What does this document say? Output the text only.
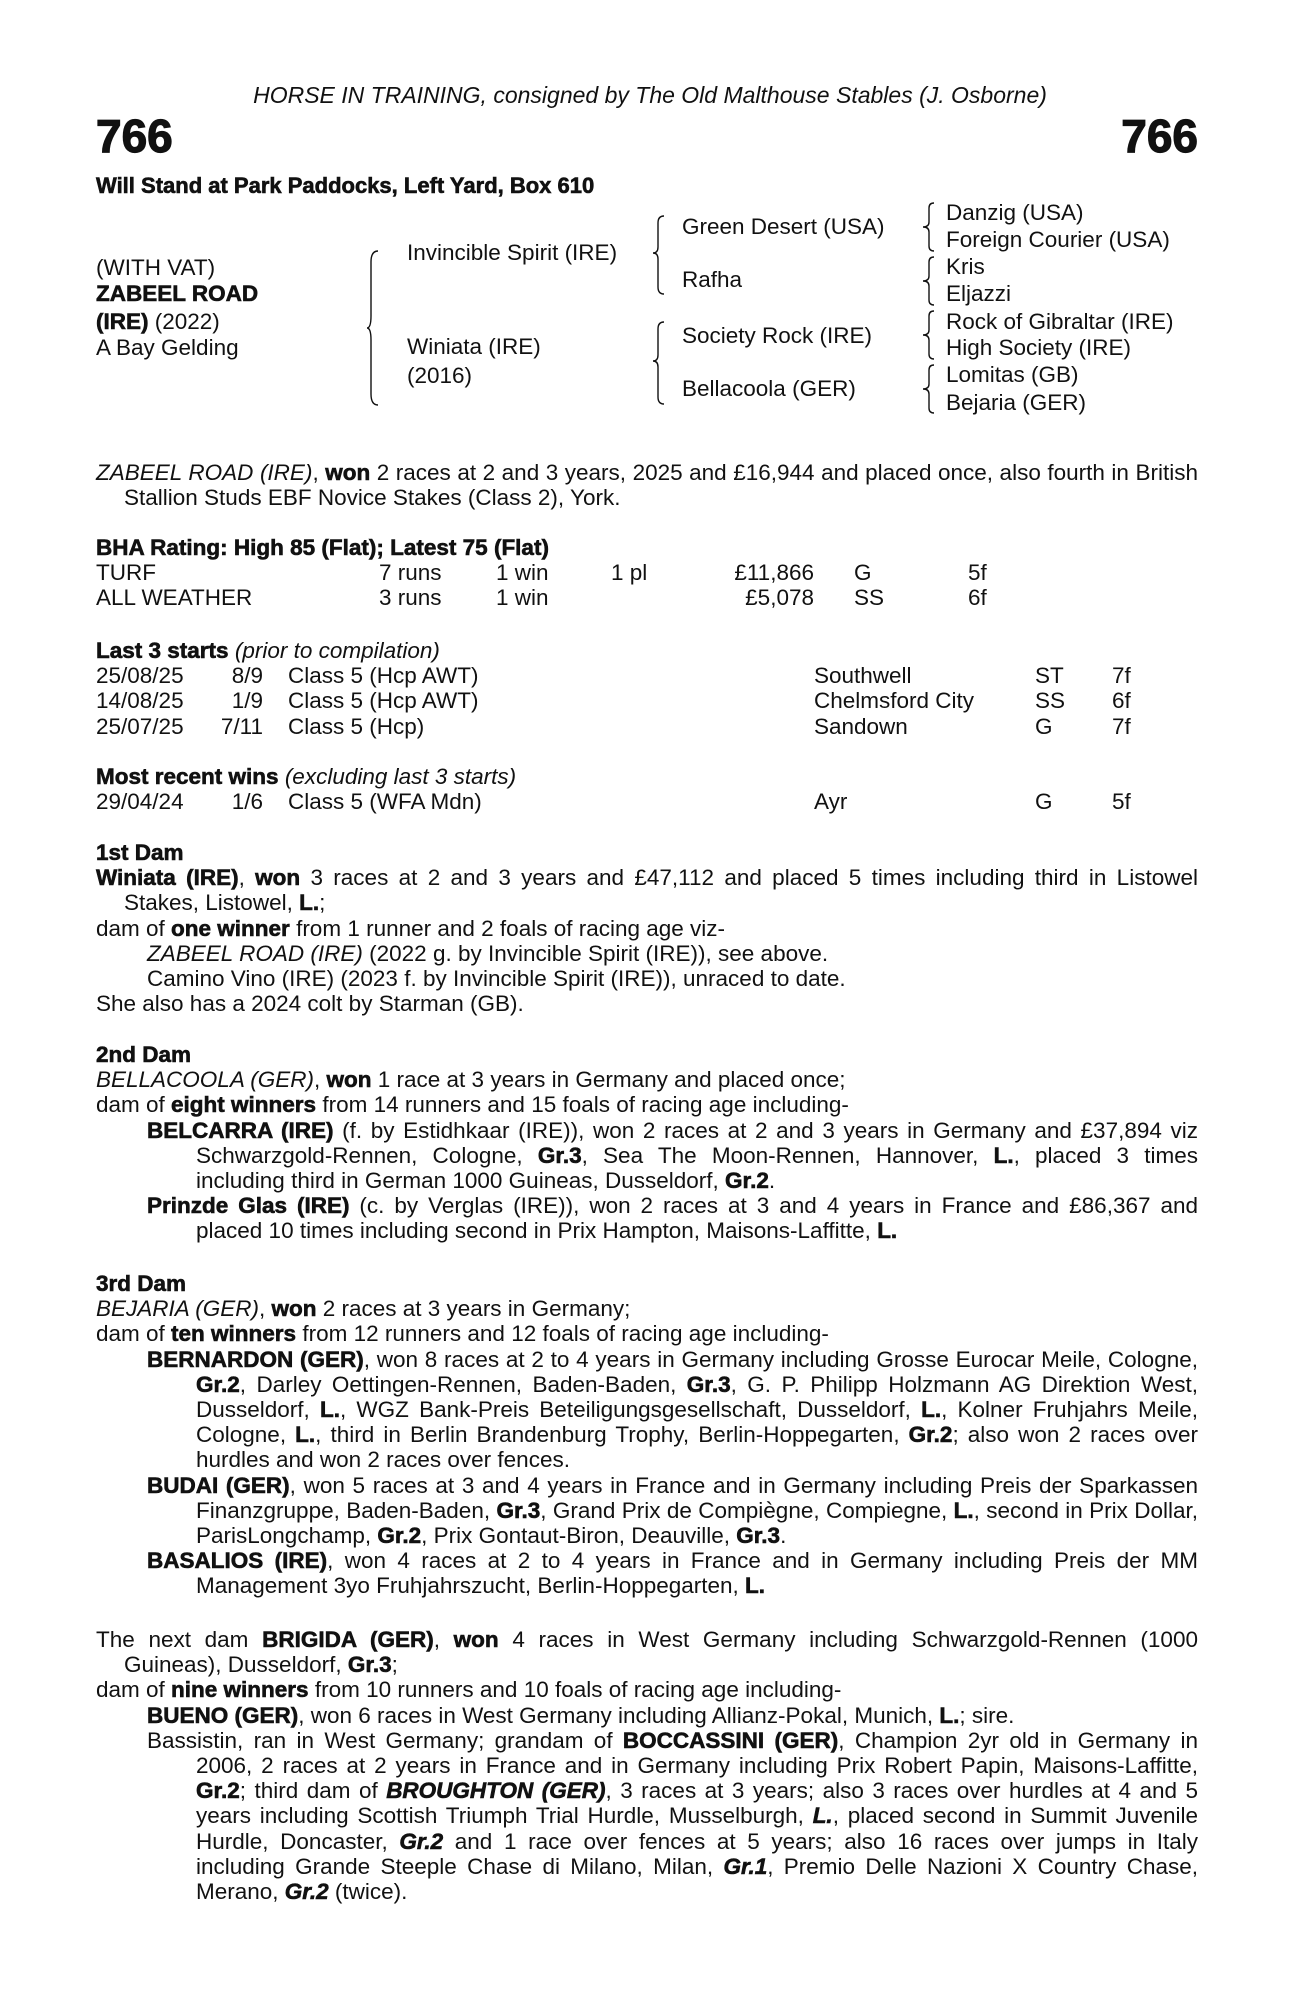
HORSE IN TRAINING, consigned by The Old Malthouse Stables (J. Osborne)
766	766
Will Stand at Park Paddocks, Left Yard, Box 610
(WITH VAT)
ZABEEL ROAD
(IRE) (2022)
A Bay Gelding
Invincible Spirit (IRE)
Winiata (IRE)
(2016)
Green Desert (USA)
Rafha
Society Rock (IRE)
Bellacoola (GER)
Danzig (USA)
Foreign Courier (USA)
Kris
Eljazzi
Rock of Gibraltar (IRE)
High Society (IRE)
Lomitas (GB)
Bejaria (GER)

ZABEEL ROAD (IRE), won 2 races at 2 and 3 years, 2025 and £16,944 and placed once, also fourth in British Stallion Studs EBF Novice Stakes (Class 2), York.

BHA Rating: High 85 (Flat); Latest 75 (Flat)
TURF	7 runs 1 win	1 pl	£11,866 G	5f
ALL WEATHER	3 runs 1 win	£5,078 SS	6f
Last 3 starts (prior to compilation)
25/08/25 8/9 Class 5 (Hcp AWT)	Southwell	ST 7f
14/08/25 1/9 Class 5 (Hcp AWT)	Chelmsford City	SS 6f
25/07/25 7/11 Class 5 (Hcp)	Sandown	G	7f
Most recent wins (excluding last 3 starts)
29/04/24 1/6 Class 5 (WFA Mdn)	Ayr	G	5f
1st Dam

Winiata (IRE), won 3 races at 2 and 3 years and £47,112 and placed 5 times including third in Listowel Stakes, Listowel, L.;

dam of one winner from 1 runner and 2 foals of racing age viz-

ZABEEL ROAD (IRE) (2022 g. by Invincible Spirit (IRE)), see above.

Camino Vino (IRE) (2023 f. by Invincible Spirit (IRE)), unraced to date.

She also has a 2024 colt by Starman (GB).

2nd Dam

BELLACOOLA (GER), won 1 race at 3 years in Germany and placed once;

dam of eight winners from 14 runners and 15 foals of racing age including-

BELCARRA (IRE) (f. by Estidhkaar (IRE)), won 2 races at 2 and 3 years in Germany and £37,894 viz Schwarzgold-Rennen, Cologne, Gr.3, Sea The Moon-Rennen, Hannover, L., placed 3 times including third in German 1000 Guineas, Dusseldorf, Gr.2.

Prinzde Glas (IRE) (c. by Verglas (IRE)), won 2 races at 3 and 4 years in France and £86,367 and placed 10 times including second in Prix Hampton, Maisons-Laffitte, L.

3rd Dam

BEJARIA (GER), won 2 races at 3 years in Germany;

dam of ten winners from 12 runners and 12 foals of racing age including-

BERNARDON (GER), won 8 races at 2 to 4 years in Germany including Grosse Eurocar Meile, Cologne, Gr.2, Darley Oettingen-Rennen, Baden-Baden, Gr.3, G. P. Philipp Holzmann AG Direktion West, Dusseldorf, L., WGZ Bank-Preis Beteiligungsgesellschaft, Dusseldorf, L., Kolner Fruhjahrs Meile, Cologne, L., third in Berlin Brandenburg Trophy, Berlin-Hoppegarten, Gr.2; also won 2 races over hurdles and won 2 races over fences.

BUDAI (GER), won 5 races at 3 and 4 years in France and in Germany including Preis der Sparkassen Finanzgruppe, Baden-Baden, Gr.3, Grand Prix de Compiègne, Compiegne, L., second in Prix Dollar, ParisLongchamp, Gr.2, Prix Gontaut-Biron, Deauville, Gr.3.

BASALIOS (IRE), won 4 races at 2 to 4 years in France and in Germany including Preis der MM Management 3yo Fruhjahrszucht, Berlin-Hoppegarten, L.

The next dam BRIGIDA (GER), won 4 races in West Germany including Schwarzgold-Rennen (1000 Guineas), Dusseldorf, Gr.3;

dam of nine winners from 10 runners and 10 foals of racing age including-

BUENO (GER), won 6 races in West Germany including Allianz-Pokal, Munich, L.; sire.

Bassistin, ran in West Germany; grandam of BOCCASSINI (GER), Champion 2yr old in Germany in 2006, 2 races at 2 years in France and in Germany including Prix Robert Papin, Maisons-Laffitte, Gr.2; third dam of BROUGHTON (GER), 3 races at 3 years; also 3 races over hurdles at 4 and 5 years including Scottish Triumph Trial Hurdle, Musselburgh, L., placed second in Summit Juvenile Hurdle, Doncaster, Gr.2 and 1 race over fences at 5 years; also 16 races over jumps in Italy including Grande Steeple Chase di Milano, Milan, Gr.1, Premio Delle Nazioni X Country Chase, Merano, Gr.2 (twice).
